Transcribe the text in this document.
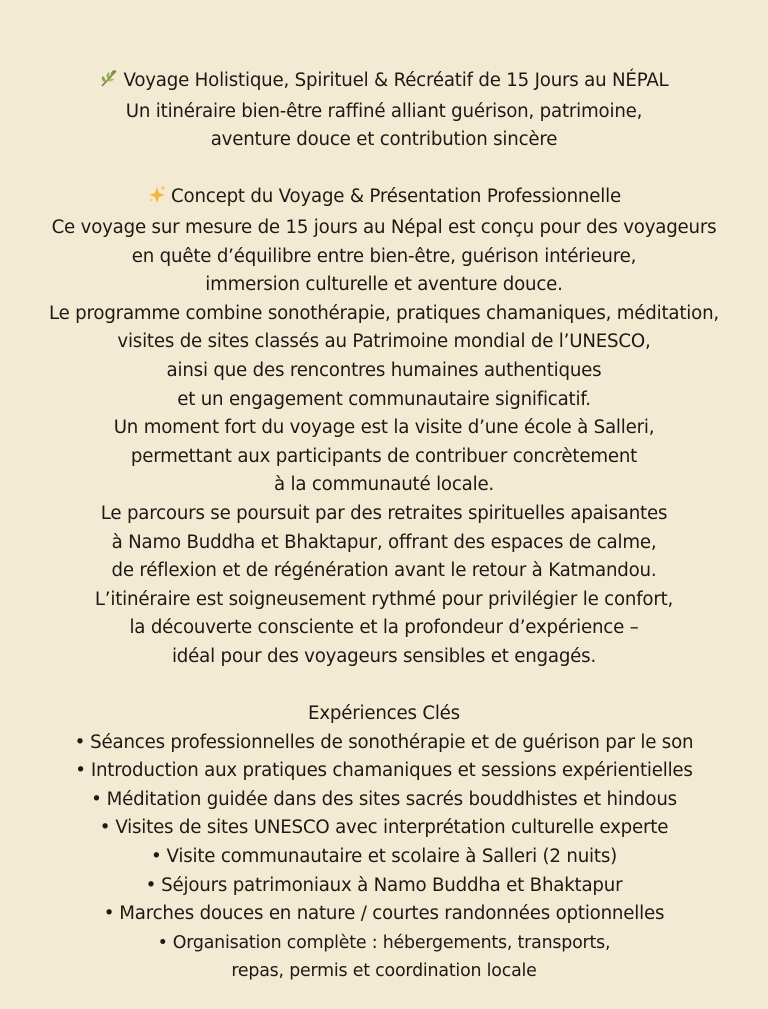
Voyage Holistique, Spirituel & Récréatif de 15 Jours au NÉPAL
Un itinéraire bien-être raffiné alliant guérison, patrimoine,
aventure douce et contribution sincère
Concept du Voyage & Présentation Professionnelle
Ce voyage sur mesure de 15 jours au Népal est conçu pour des voyageurs
en quête d’équilibre entre bien-être, guérison intérieure,
immersion culturelle et aventure douce.
Le programme combine sonothérapie, pratiques chamaniques, méditation,
visites de sites classés au Patrimoine mondial de l’UNESCO,
ainsi que des rencontres humaines authentiques
et un engagement communautaire significatif.
Un moment fort du voyage est la visite d’une école à Salleri,
permettant aux participants de contribuer concrètement
à la communauté locale.
Le parcours se poursuit par des retraites spirituelles apaisantes
à Namo Buddha et Bhaktapur, offrant des espaces de calme,
de réflexion et de régénération avant le retour à Katmandou.
L’itinéraire est soigneusement rythmé pour privilégier le confort,
la découverte consciente et la profondeur d’expérience –
idéal pour des voyageurs sensibles et engagés.
Expériences Clés
• Séances professionnelles de sonothérapie et de guérison par le son
• Introduction aux pratiques chamaniques et sessions expérientielles
• Méditation guidée dans des sites sacrés bouddhistes et hindous
• Visites de sites UNESCO avec interprétation culturelle experte
• Visite communautaire et scolaire à Salleri (2 nuits)
• Séjours patrimoniaux à Namo Buddha et Bhaktapur
• Marches douces en nature / courtes randonnées optionnelles
• Organisation complète : hébergements, transports,
repas, permis et coordination locale
